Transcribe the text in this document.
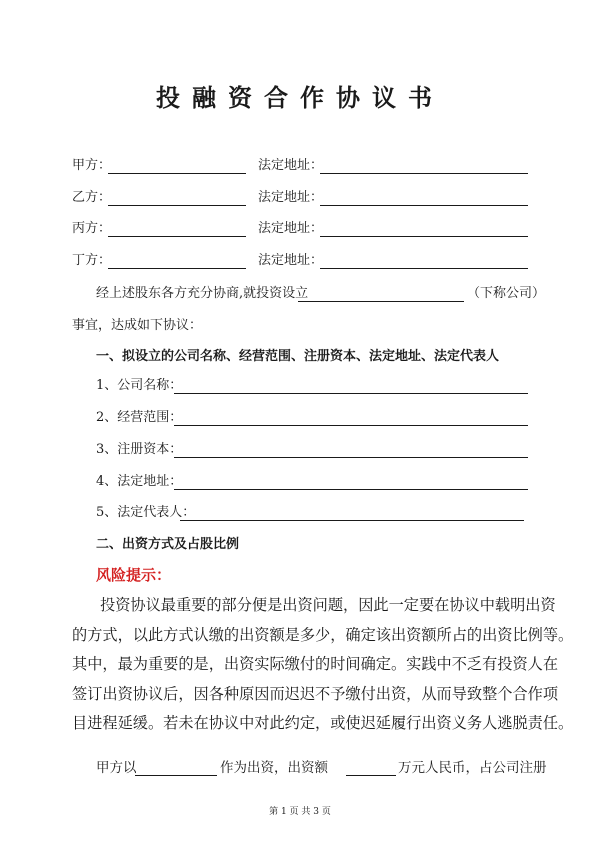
投融资合作协议书
甲方：	法定地址：
乙方：	法定地址：
丙方：	法定地址：
丁方：	法定地址：
经上述股东各方充分协商,就投资设立	（下称公司）
事宜，达成如下协议：
一、拟设立的公司名称、经营范围、注册资本、法定地址、法定代表人
1、公司名称：
2、经营范围：
3、注册资本：
4、法定地址：
5、法定代表人：
二、出资方式及占股比例
风险提示：
投资协议最重要的部分便是出资问题，因此一定要在协议中载明出资
的方式，以此方式认缴的出资额是多少，确定该出资额所占的出资比例等。
其中，最为重要的是，出资实际缴付的时间确定。实践中不乏有投资人在
签订出资协议后，因各种原因而迟迟不予缴付出资，从而导致整个合作项
目进程延缓。若未在协议中对此约定，或使迟延履行出资义务人逃脱责任。
甲方以	作为出资，出资额	万元人民币，占公司注册
第 1 页 共 3 页
